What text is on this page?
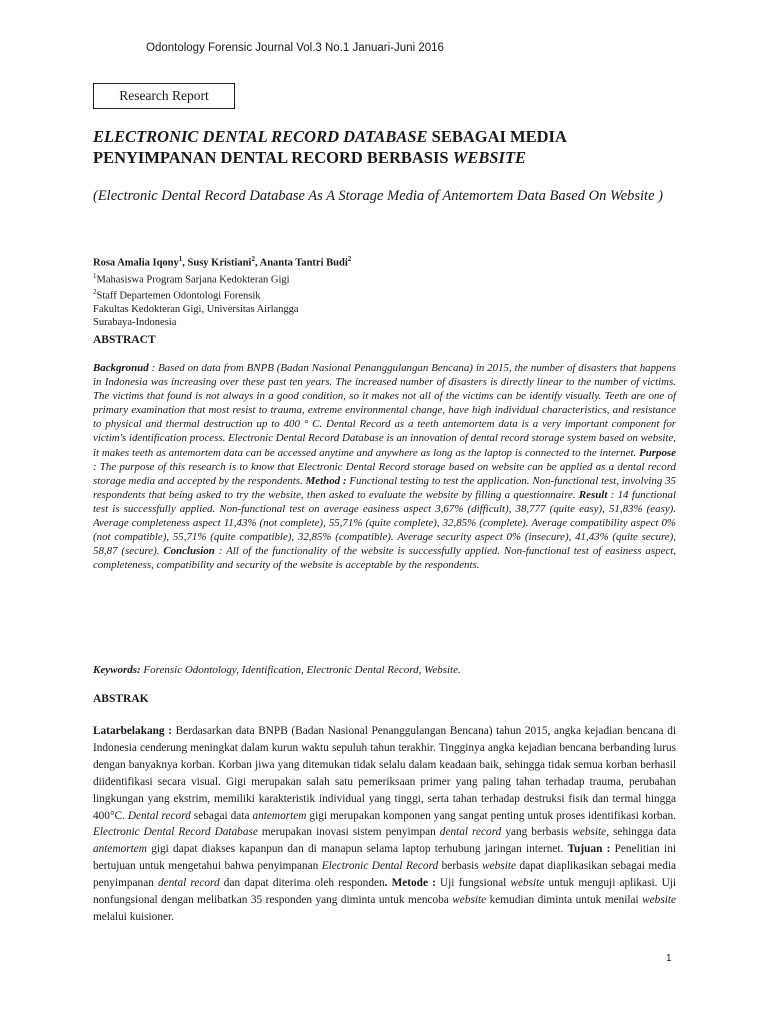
Odontology Forensic Journal Vol.3 No.1 Januari-Juni 2016
Research Report
ELECTRONIC DENTAL RECORD DATABASE SEBAGAI MEDIA
PENYIMPANAN DENTAL RECORD BERBASIS WEBSITE
(Electronic Dental Record Database As A Storage Media of Antemortem Data Based On Website )
Rosa Amalia Iqony$^1$, Susy Kristiani$^2$, Ananta Tantri Budi$^2$
$^1$Mahasiswa Program Sarjana Kedokteran Gigi
$^2$Staff Departemen Odontologi Forensik
Fakultas Kedokteran Gigi, Universitas Airlangga
Surabaya-Indonesia
ABSTRACT
Backgronud : Based on data from BNPB (Badan Nasional Penanggulangan Bencana) in 2015, the number of disasters that happens in Indonesia was increasing over these past ten years. The increased number of disasters is directly linear to the number of victims. The victims that found is not always in a good condition, so it makes not all of the victims can be identify visually. Teeth are one of primary examination that most resist to trauma, extreme environmental change, have high individual characteristics, and resistance to physical and thermal destruction up to 400 ° C. Dental Record as a teeth antemortem data is a very important component for victim's identification process. Electronic Dental Record Database is an innovation of dental record storage system based on website, it makes teeth as antemortem data can be accessed anytime and anywhere as long as the laptop is connected to the internet. Purpose : The purpose of this research is to know that Electronic Dental Record storage based on website can be applied as a dental record storage media and accepted by the respondents. Method : Functional testing to test the application. Non-functional test, involving 35 respondents that being asked to try the website, then asked to evaluate the website by filling a questionnaire. Result : 14 functional test is successfully applied. Non-functional test on average easiness aspect 3,67% (difficult), 38,777 (quite easy), 51,83% (easy). Average completeness aspect 11,43% (not complete), 55,71% (quite complete), 32,85% (complete). Average compatibility aspect 0% (not compatible), 55,71% (quite compatible), 32,85% (compatible). Average security aspect 0% (insecure), 41,43% (quite secure), 58,87 (secure). Conclusion : All of the functionality of the website is successfully applied. Non-functional test of easiness aspect, completeness, compatibility and security of the website is acceptable by the respondents.
Keywords: Forensic Odontology, Identification, Electronic Dental Record, Website.
ABSTRAK
Latarbelakang : Berdasarkan data BNPB (Badan Nasional Penanggulangan Bencana) tahun 2015, angka kejadian bencana di Indonesia cenderung meningkat dalam kurun waktu sepuluh tahun terakhir. Tingginya angka kejadian bencana berbanding lurus dengan banyaknya korban. Korban jiwa yang ditemukan tidak selalu dalam keadaan baik, sehingga tidak semua korban berhasil diidentifikasi secara visual. Gigi merupakan salah satu pemeriksaan primer yang paling tahan terhadap trauma, perubahan lingkungan yang ekstrim, memiliki karakteristik individual yang tinggi, serta tahan terhadap destruksi fisik dan termal hingga 400°C. Dental record sebagai data antemortem gigi merupakan komponen yang sangat penting untuk proses identifikasi korban. Electronic Dental Record Database merupakan inovasi sistem penyimpan dental record yang berbasis website, sehingga data antemortem gigi dapat diakses kapanpun dan di manapun selama laptop terhubung jaringan internet. Tujuan : Penelitian ini bertujuan untuk mengetahui bahwa penyimpanan Electronic Dental Record berbasis website dapat diaplikasikan sebagai media penyimpanan dental record dan dapat diterima oleh responden. Metode : Uji fungsional website untuk menguji aplikasi. Uji nonfungsional dengan melibatkan 35 responden yang diminta untuk mencoba website kemudian diminta untuk menilai website melalui kuisioner.
1
